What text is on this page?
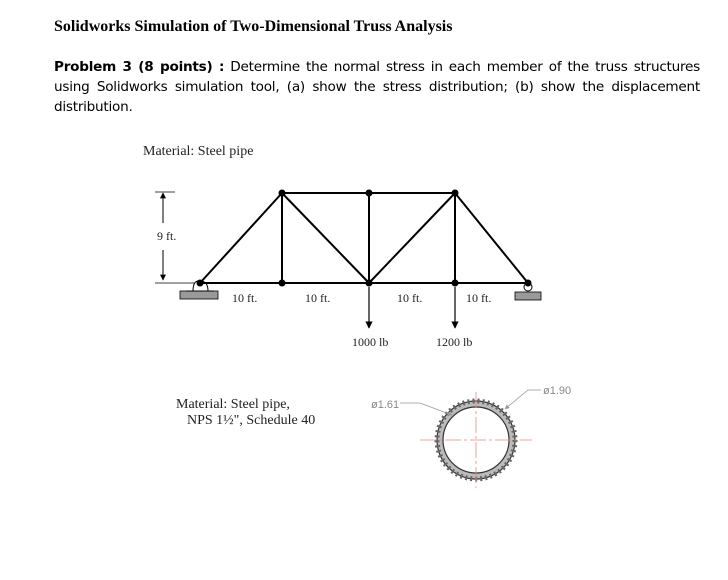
Solidworks Simulation of Two-Dimensional Truss Analysis
Problem 3 (8 points) : Determine the normal stress in each member of the truss structures using Solidworks simulation tool, (a) show the stress distribution; (b) show the displacement distribution.
Material: Steel pipe
Material: Steel pipe,
NPS 1½", Schedule 40
9 ft.
10 ft.	10 ft.	10 ft.	10 ft.
1000 lb	1200 lb
ø1.61
ø1.90
